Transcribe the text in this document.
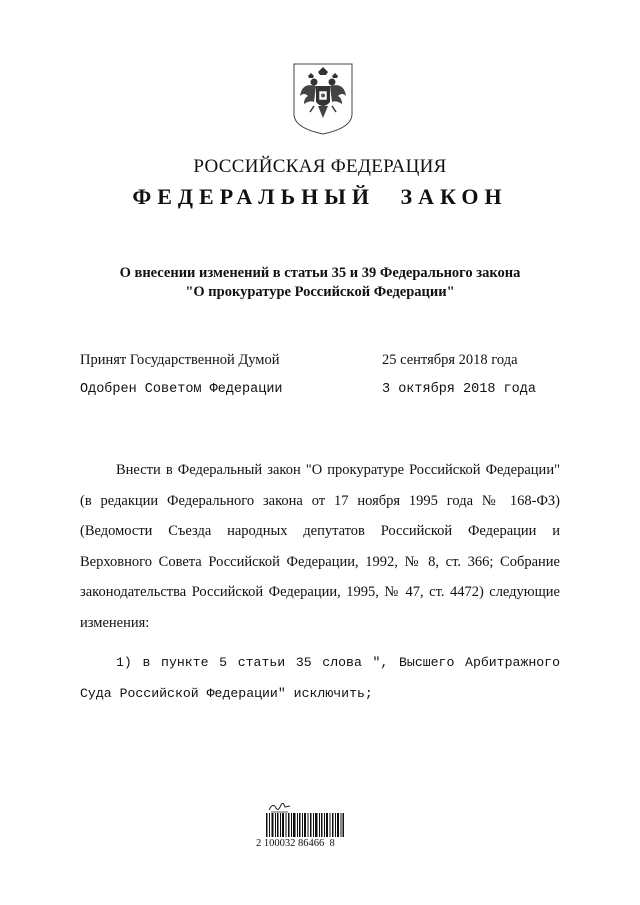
РОССИЙСКАЯ ФЕДЕРАЦИЯ
ФЕДЕРАЛЬНЫЙ ЗАКОН
О внесении изменений в статьи 35 и 39 Федерального закона
"О прокуратуре Российской Федерации"
Принят Государственной Думой	25 сентября 2018 года
Одобрен Советом Федерации	3 октября 2018 года

Внести в Федеральный закон "О прокуратуре Российской Федерации" (в редакции Федерального закона от 17 ноября 1995 года № 168-ФЗ) (Ведомости Съезда народных депутатов Российской Федерации и Верховного Совета Российской Федерации, 1992, № 8, ст. 366; Собрание законодательства Российской Федерации, 1995, № 47, ст. 4472) следующие изменения:

1) в пункте 5 статьи 35 слова ", Высшего Арбитражного Суда Российской Федерации" исключить;

2 100032 86466  8
